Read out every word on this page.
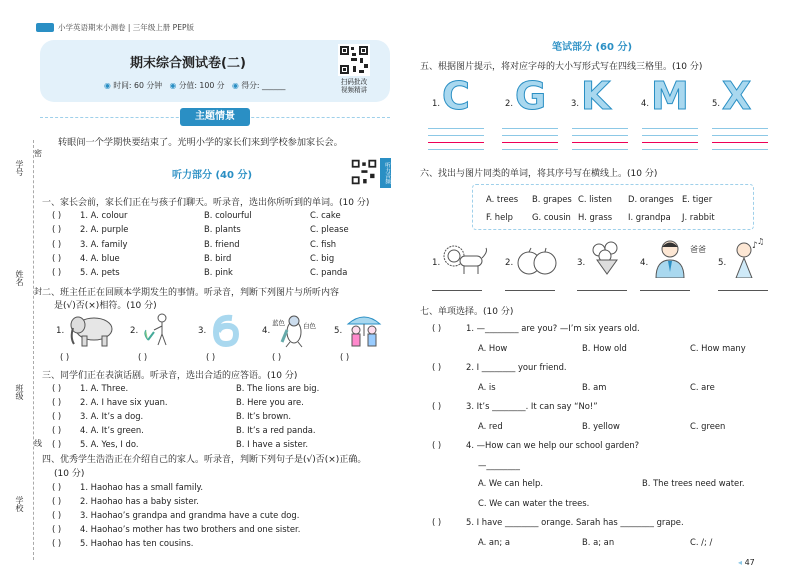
小学英语期末小测卷 | 三年级上册 PEP版
期末综合测试卷(二)
◉ 时间: 60 分钟 ◉ 分值: 100 分 ◉ 得分: ______	扫码批改
视频精讲
主题情景
转眼间一个学期快要结束了。光明小学的家长们来到学校参加家长会。
密
学号
姓名
封
班级
线
学校
听力部分 (40 分)	听力音频
一、家长会前，家长们正在与孩子们聊天。听录音，选出你所听到的单词。(10 分)
( ) 1. A. colour	B. colourful	C. cake
( ) 2. A. purple	B. plants	C. please
( ) 3. A. family	B. friend	C. fish
( ) 4. A. blue	B. bird	C. big
( ) 5. A. pets	B. pink	C. panda
二、班主任正在回顾本学期发生的事情。听录音，判断下列图片与所听内容
是(√)否(×)相符。(10 分)
1.	2.	3.	4.
蓝色	白色 5.
( )	( )	( )	( )	( )
三、同学们正在表演话剧。听录音，选出合适的应答语。(10 分)
( ) 1. A. Three.	B. The lions are big.
( ) 2. A. I have six yuan.	B. Here you are.
( ) 3. A. It’s a dog.	B. It’s brown.
( ) 4. A. It’s green.	B. It’s a red panda.
( ) 5. A. Yes, I do.	B. I have a sister.
四、优秀学生浩浩正在介绍自己的家人。听录音，判断下列句子是(√)否(×)正确。
(10 分)
( ) 1. Haohao has a small family.
( ) 2. Haohao has a baby sister.
( ) 3. Haohao’s grandpa and grandma have a cute dog.
( ) 4. Haohao’s mother has two brothers and one sister.
( ) 5. Haohao has ten cousins.
笔试部分 (60 分)
五、根据图片提示，将对应字母的大小写形式写在四线三格里。(10 分)
1. C	2. G	3. K	4. M	5. X
六、找出与图片同类的单词，将其序号写在横线上。(10 分)
A. trees B. grapes C. listen D. oranges E. tiger
F. help G. cousin H. grass I. grandpa J. rabbit
1.	2.	3.	4.
爸爸
5.
♪ ♫
七、单项选择。(10 分)
( )	1. —________ are you? —I’m six years old.
A. How	B. How old	C. How many
( )	2. I ________ your friend.
A. is	B. am	C. are
( )	3. It’s ________. It can say “No!”
A. red	B. yellow	C. green
( )	4. —How can we help our school garden?
—________
A. We can help.	B. The trees need water.
C. We can water the trees.
( )	5. I have ________ orange. Sarah has ________ grape.
A. an; a	B. a; an	C. /; /
◂ 47
